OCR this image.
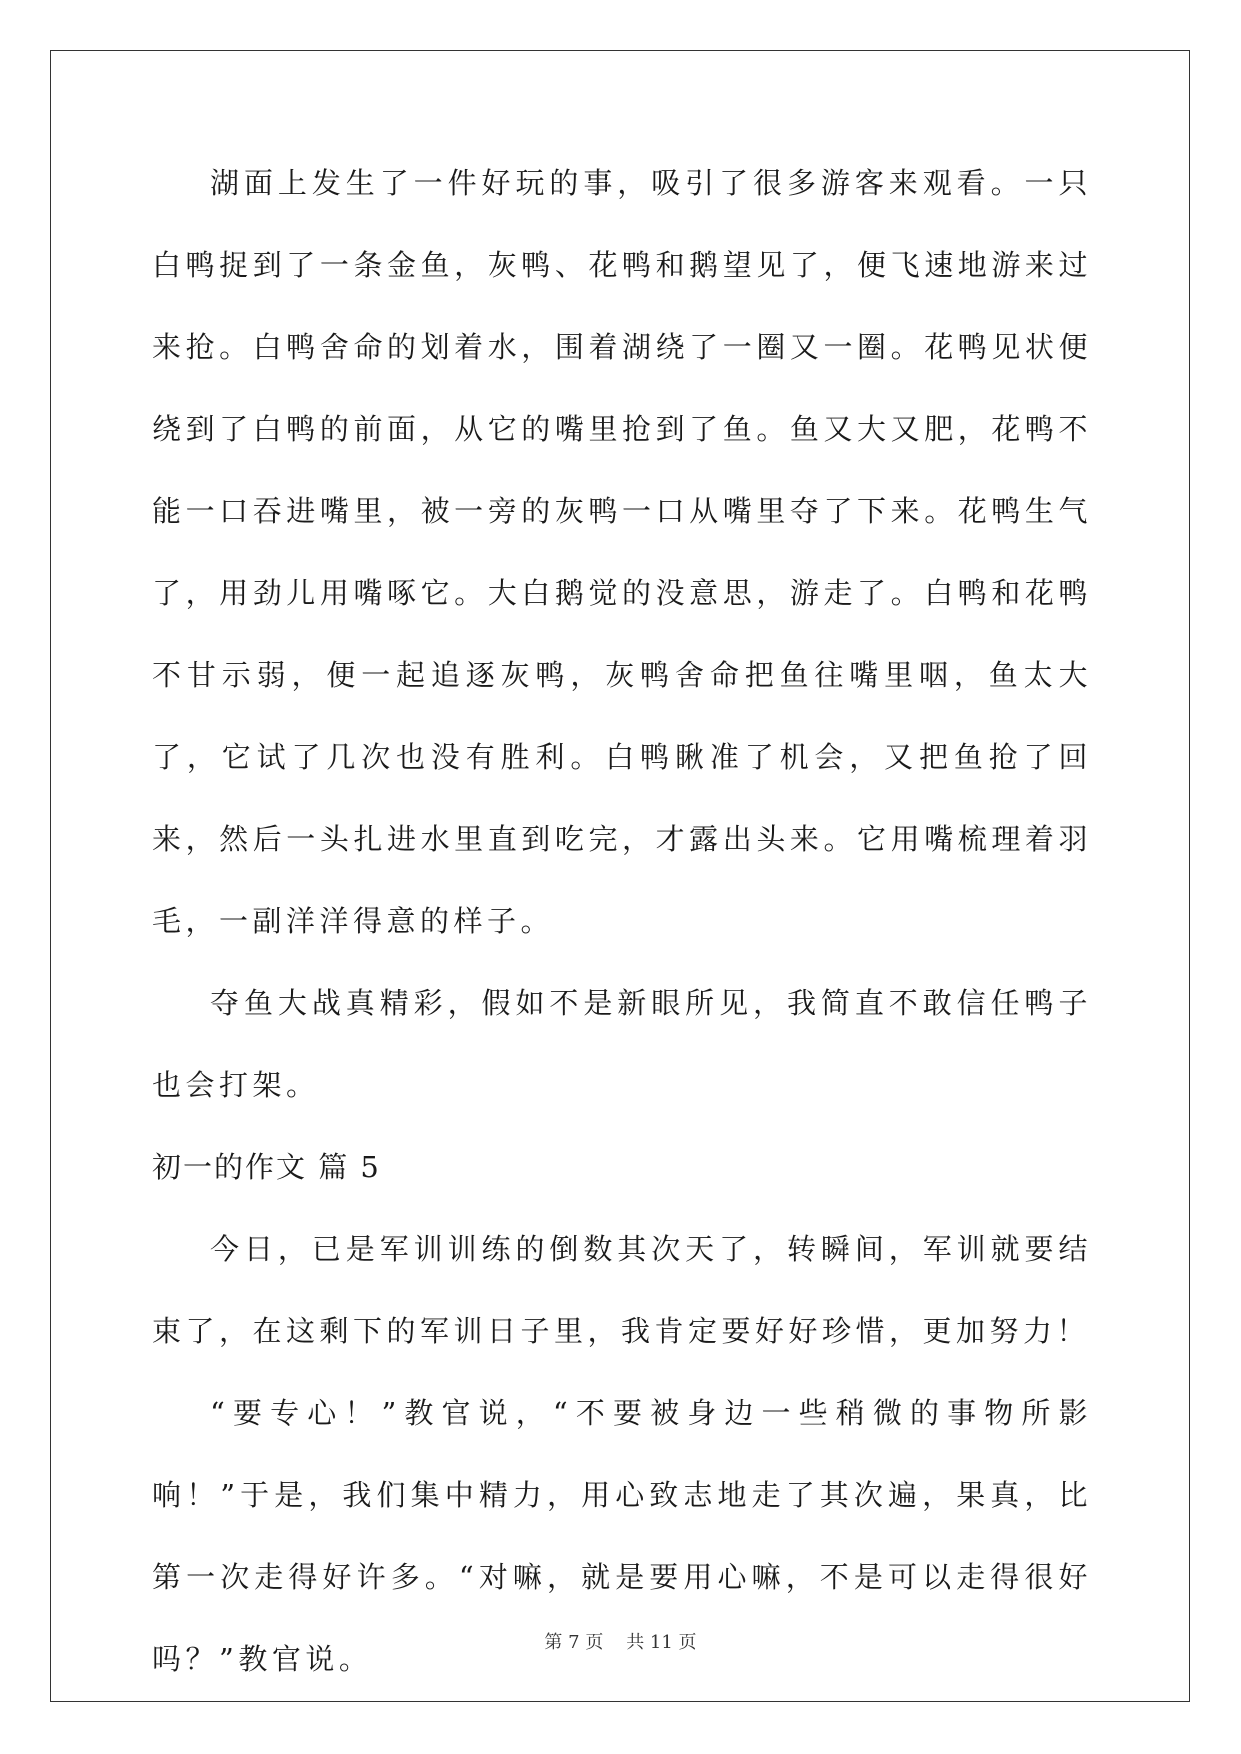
湖面上发生了一件好玩的事，吸引了很多游客来观看。一只白鸭捉到了一条金鱼，灰鸭、花鸭和鹅望见了，便飞速地游来过来抢。白鸭舍命的划着水，围着湖绕了一圈又一圈。花鸭见状便绕到了白鸭的前面，从它的嘴里抢到了鱼。鱼又大又肥，花鸭不能一口吞进嘴里，被一旁的灰鸭一口从嘴里夺了下来。花鸭生气了，用劲儿用嘴啄它。大白鹅觉的没意思，游走了。白鸭和花鸭不甘示弱，便一起追逐灰鸭，灰鸭舍命把鱼往嘴里咽，鱼太大了，它试了几次也没有胜利。白鸭瞅准了机会，又把鱼抢了回来，然后一头扎进水里直到吃完，才露出头来。它用嘴梳理着羽毛，一副洋洋得意的样子。

夺鱼大战真精彩，假如不是新眼所见，我简直不敢信任鸭子也会打架。

初一的作文 篇 5

今日，已是军训训练的倒数其次天了，转瞬间，军训就要结束了，在这剩下的军训日子里，我肯定要好好珍惜，更加努力！

“要专心！”教官说，“不要被身边一些稍微的事物所影响！”于是，我们集中精力，用心致志地走了其次遍，果真，比第一次走得好许多。“对嘛，就是要用心嘛，不是可以走得很好吗？”教官说。	第 7 页    共 11 页
